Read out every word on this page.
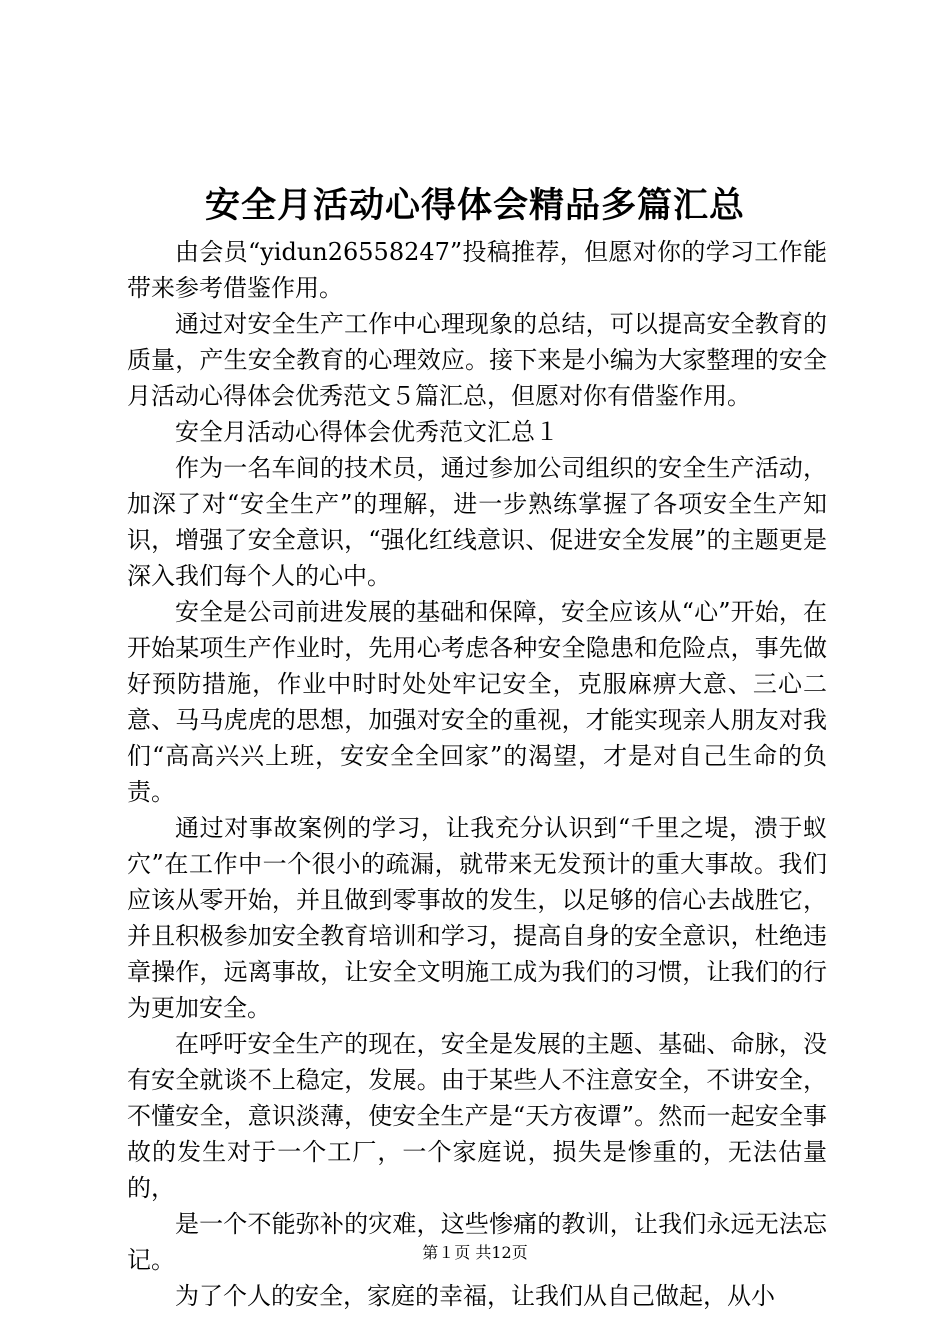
安全月活动心得体会精品多篇汇总

由会员“yidun26558247”投稿推荐，但愿对你的学习工作能带来参考借鉴作用。

通过对安全生产工作中心理现象的总结，可以提高安全教育的质量，产生安全教育的心理效应。接下来是小编为大家整理的安全月活动心得体会优秀范文５篇汇总，但愿对你有借鉴作用。

安全月活动心得体会优秀范文汇总１

作为一名车间的技术员，通过参加公司组织的安全生产活动，加深了对“安全生产”的理解，进一步熟练掌握了各项安全生产知识，增强了安全意识，“强化红线意识、促进安全发展”的主题更是深入我们每个人的心中。

安全是公司前进发展的基础和保障，安全应该从“心”开始，在开始某项生产作业时，先用心考虑各种安全隐患和危险点，事先做好预防措施，作业中时时处处牢记安全，克服麻痹大意、三心二意、马马虎虎的思想，加强对安全的重视，才能实现亲人朋友对我们“高高兴兴上班，安安全全回家”的渴望，才是对自己生命的负责。

通过对事故案例的学习，让我充分认识到“千里之堤，溃于蚁穴”在工作中一个很小的疏漏，就带来无发预计的重大事故。我们应该从零开始，并且做到零事故的发生，以足够的信心去战胜它，并且积极参加安全教育培训和学习，提高自身的安全意识，杜绝违章操作，远离事故，让安全文明施工成为我们的习惯，让我们的行为更加安全。

在呼吁安全生产的现在，安全是发展的主题、基础、命脉，没有安全就谈不上稳定，发展。由于某些人不注意安全，不讲安全，不懂安全，意识淡薄，使安全生产是“天方夜谭”。然而一起安全事故的发生对于一个工厂，一个家庭说，损失是惨重的，无法估量的，

是一个不能弥补的灾难，这些惨痛的教训，让我们永远无法忘记。

为了个人的安全，家庭的幸福，让我们从自己做起，从小

第１页 共12页
